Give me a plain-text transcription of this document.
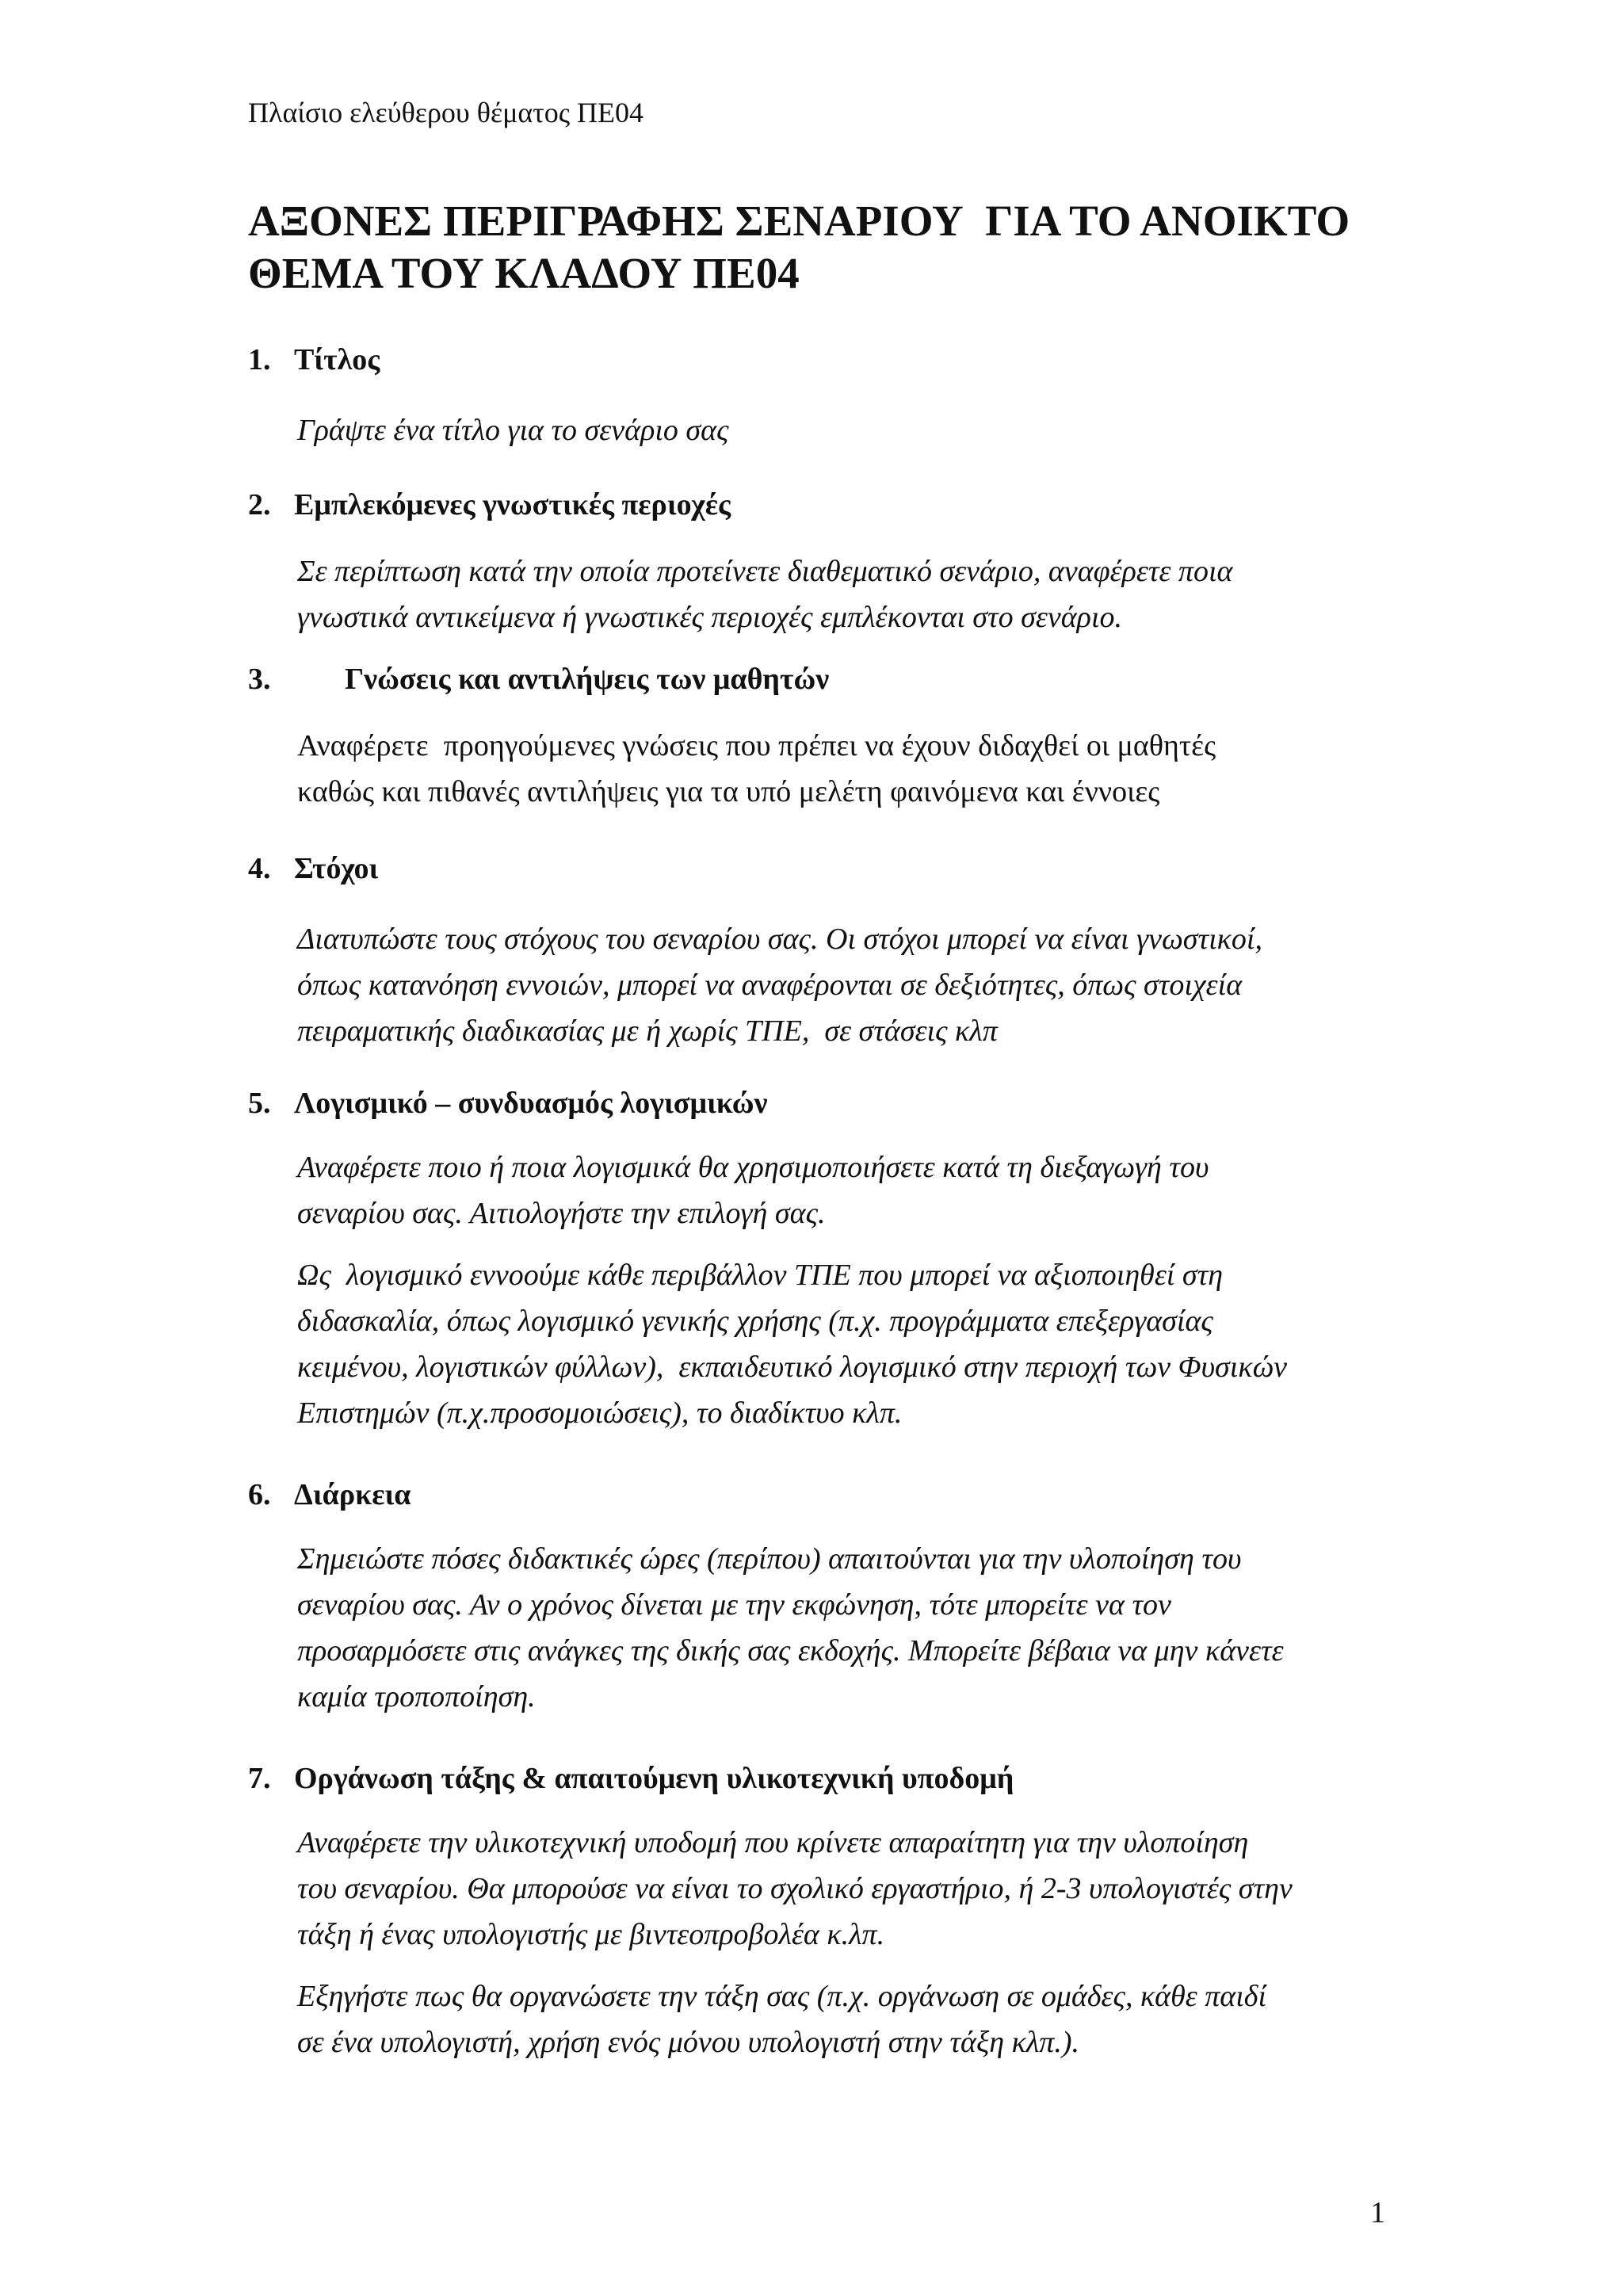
Πλαίσιο ελεύθερου θέματος ΠΕ04
ΑΞΟΝΕΣ ΠΕΡΙΓΡΑΦΗΣ ΣΕΝΑΡΙΟΥ  ΓΙΑ ΤΟ ΑΝΟΙΚΤΟ
ΘΕΜΑ ΤΟΥ ΚΛΑΔΟΥ ΠΕ04
1. Τίτλος
Γράψτε ένα τίτλο για το σενάριο σας
2. Εμπλεκόμενες γνωστικές περιοχές
Σε περίπτωση κατά την οποία προτείνετε διαθεματικό σενάριο, αναφέρετε ποια
γνωστικά αντικείμενα ή γνωστικές περιοχές εμπλέκονται στο σενάριο.
3. Γνώσεις και αντιλήψεις των μαθητών
Αναφέρετε  προηγούμενες γνώσεις που πρέπει να έχουν διδαχθεί οι μαθητές
καθώς και πιθανές αντιλήψεις για τα υπό μελέτη φαινόμενα και έννοιες
4. Στόχοι
Διατυπώστε τους στόχους του σεναρίου σας. Οι στόχοι μπορεί να είναι γνωστικοί,
όπως κατανόηση εννοιών, μπορεί να αναφέρονται σε δεξιότητες, όπως στοιχεία
πειραματικής διαδικασίας με ή χωρίς ΤΠΕ,  σε στάσεις κλπ
5. Λογισμικό – συνδυασμός λογισμικών
Αναφέρετε ποιο ή ποια λογισμικά θα χρησιμοποιήσετε κατά τη διεξαγωγή του
σεναρίου σας. Αιτιολογήστε την επιλογή σας.
Ως  λογισμικό εννοούμε κάθε περιβάλλον ΤΠΕ που μπορεί να αξιοποιηθεί στη
διδασκαλία, όπως λογισμικό γενικής χρήσης (π.χ. προγράμματα επεξεργασίας
κειμένου, λογιστικών φύλλων),  εκπαιδευτικό λογισμικό στην περιοχή των Φυσικών
Επιστημών (π.χ.προσομοιώσεις), το διαδίκτυο κλπ.
6. Διάρκεια
Σημειώστε πόσες διδακτικές ώρες (περίπου) απαιτούνται για την υλοποίηση του
σεναρίου σας. Αν ο χρόνος δίνεται με την εκφώνηση, τότε μπορείτε να τον
προσαρμόσετε στις ανάγκες της δικής σας εκδοχής. Μπορείτε βέβαια να μην κάνετε
καμία τροποποίηση.
7. Οργάνωση τάξης & απαιτούμενη υλικοτεχνική υποδομή
Αναφέρετε την υλικοτεχνική υποδομή που κρίνετε απαραίτητη για την υλοποίηση
του σεναρίου. Θα μπορούσε να είναι το σχολικό εργαστήριο, ή 2-3 υπολογιστές στην
τάξη ή ένας υπολογιστής με βιντεοπροβολέα κ.λπ.
Εξηγήστε πως θα οργανώσετε την τάξη σας (π.χ. οργάνωση σε ομάδες, κάθε παιδί
σε ένα υπολογιστή, χρήση ενός μόνου υπολογιστή στην τάξη κλπ.).
1
